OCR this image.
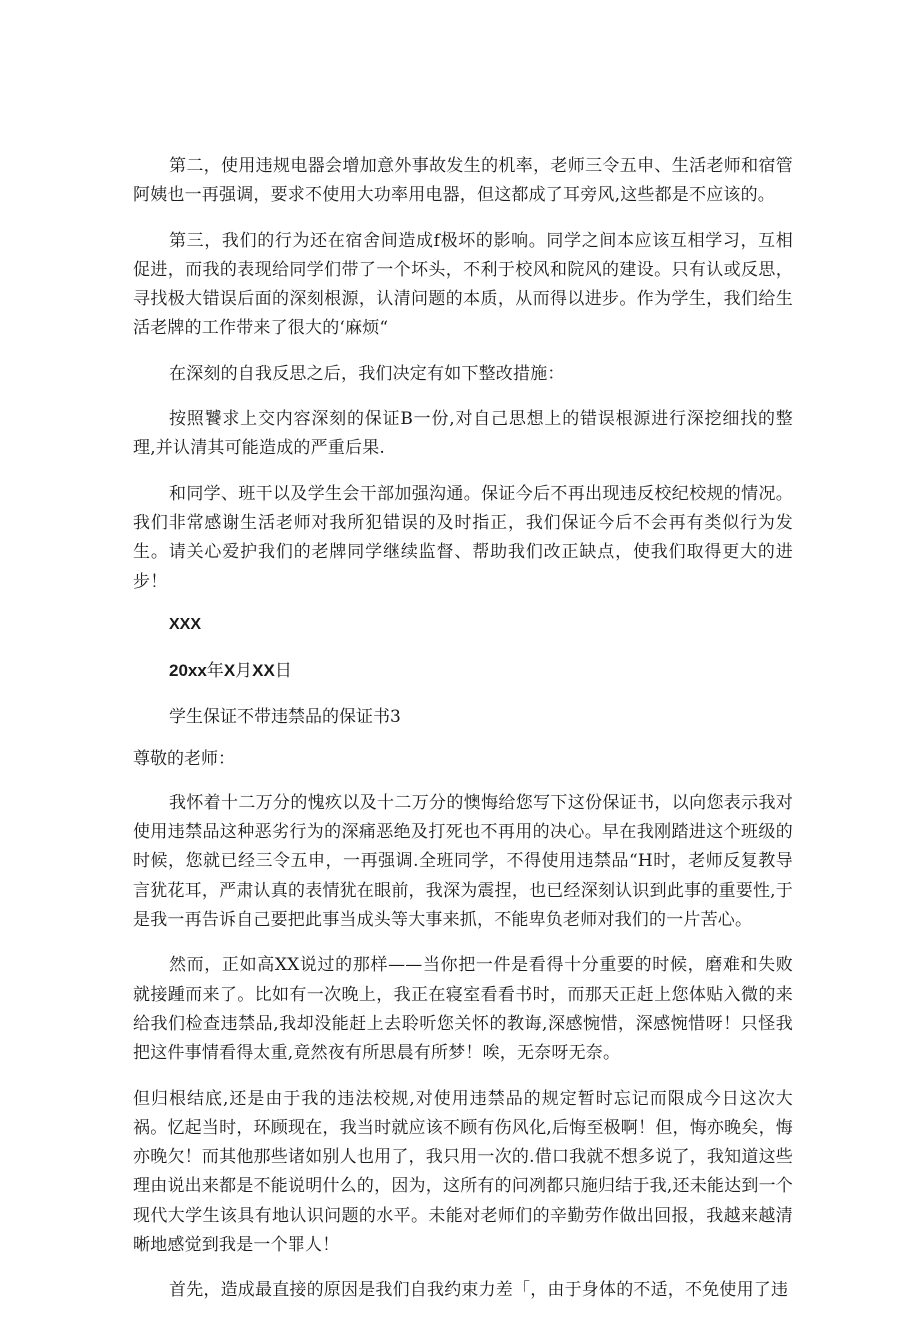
第二，使用违规电器会增加意外事故发生的机率，老师三令五申、生活老师和宿管阿姨也一再强调，要求不使用大功率用电器，但这都成了耳旁风,这些都是不应该的。

第三，我们的行为还在宿舍间造成f极坏的影响。同学之间本应该互相学习，互相促进，而我的表现给同学们带了一个坏头，不利于校风和院风的建设。只有认或反思，寻找极大错误后面的深刻根源，认清问题的本质，从而得以进步。作为学生，我们给生活老牌的工作带来了很大的‘麻烦“

在深刻的自我反思之后，我们决定有如下整改措施：

按照饕求上交内容深刻的保证B一份,对自己思想上的错误根源进行深挖细找的整理,并认清其可能造成的严重后果.

和同学、班干以及学生会干部加强沟通。保证今后不再出现违反校纪校规的情况。我们非常感谢生活老师对我所犯错误的及时指正，我们保证今后不会再有类似行为发生。请关心爱护我们的老牌同学继续监督、帮助我们改正缺点，使我们取得更大的进步！

XXX
20xx年X月XX日
学生保证不带违禁品的保证书3
尊敬的老师：

我怀着十二万分的愧疚以及十二万分的懊悔给您写下这份保证书，以向您表示我对使用违禁品这种恶劣行为的深痛恶绝及打死也不再用的决心。早在我刚踏进这个班级的时候，您就已经三令五申，一再强调.全班同学，不得使用违禁品“H时，老师反复教导言犹花耳，严肃认真的表情犹在眼前，我深为震捏，也已经深刻认识到此事的重要性,于是我一再告诉自己要把此事当成头等大事来抓，不能卑负老师对我们的一片苦心。

然而，正如高XX说过的那样——当你把一件是看得十分重要的时候，磨难和失败就接踵而来了。比如有一次晚上，我正在寝室看看书时，而那天正赶上您体贴入微的来给我们检查违禁品,我却没能赶上去聆听您关怀的教诲,深感惋惜，深感惋惜呀！只怪我把这件事情看得太重,竟然夜有所思晨有所梦！唉，无奈呀无奈。

但归根结底,还是由于我的违法校规,对使用违禁品的规定暂时忘记而限成今日这次大祸。忆起当时，环顾现在，我当时就应该不顾有伤风化,后悔至极啊！但，悔亦晚矣，悔亦晚欠！而其他那些诸如别人也用了，我只用一次的.借口我就不想多说了，我知道这些理由说出来都是不能说明什么的，因为，这所有的问冽都只施归结于我,还未能达到一个现代大学生该具有地认识问题的水平。未能对老师们的辛勤劳作做出回报，我越来越清晰地感觉到我是一个罪人！

首先，造成最直接的原因是我们自我约束力差「，由于身体的不适，不免使用了违
